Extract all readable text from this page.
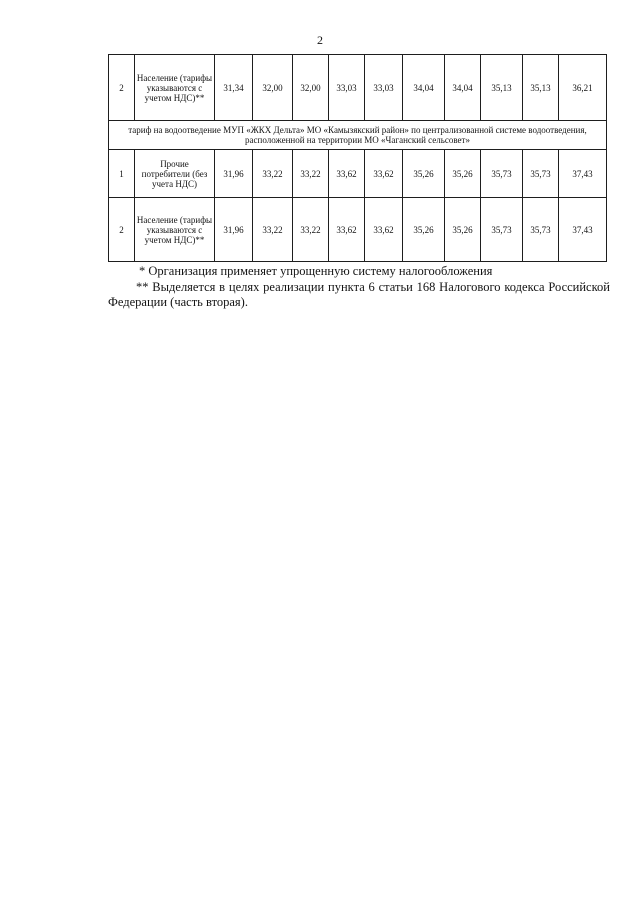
2
2	Население (тарифы указываются с учетом НДС)**	31,34	32,00	32,00	33,03	33,03	34,04	34,04	35,13	35,13	36,21
тариф на водоотведение МУП «ЖКХ Дельта» МО «Камызякский район» по централизованной системе водоотведения, расположенной на территории МО «Чаганский сельсовет»											
1	Прочие потребители (без учета НДС)	31,96	33,22	33,22	33,62	33,62	35,26	35,26	35,73	35,73	37,43
2	Население (тарифы указываются с учетом НДС)**	31,96	33,22	33,22	33,62	33,62	35,26	35,26	35,73	35,73	37,43

* Организация применяет упрощенную систему налогообложения

** Выделяется в целях реализации пункта 6 статьи 168 Налогового кодекса Российской Федерации (часть вторая).
